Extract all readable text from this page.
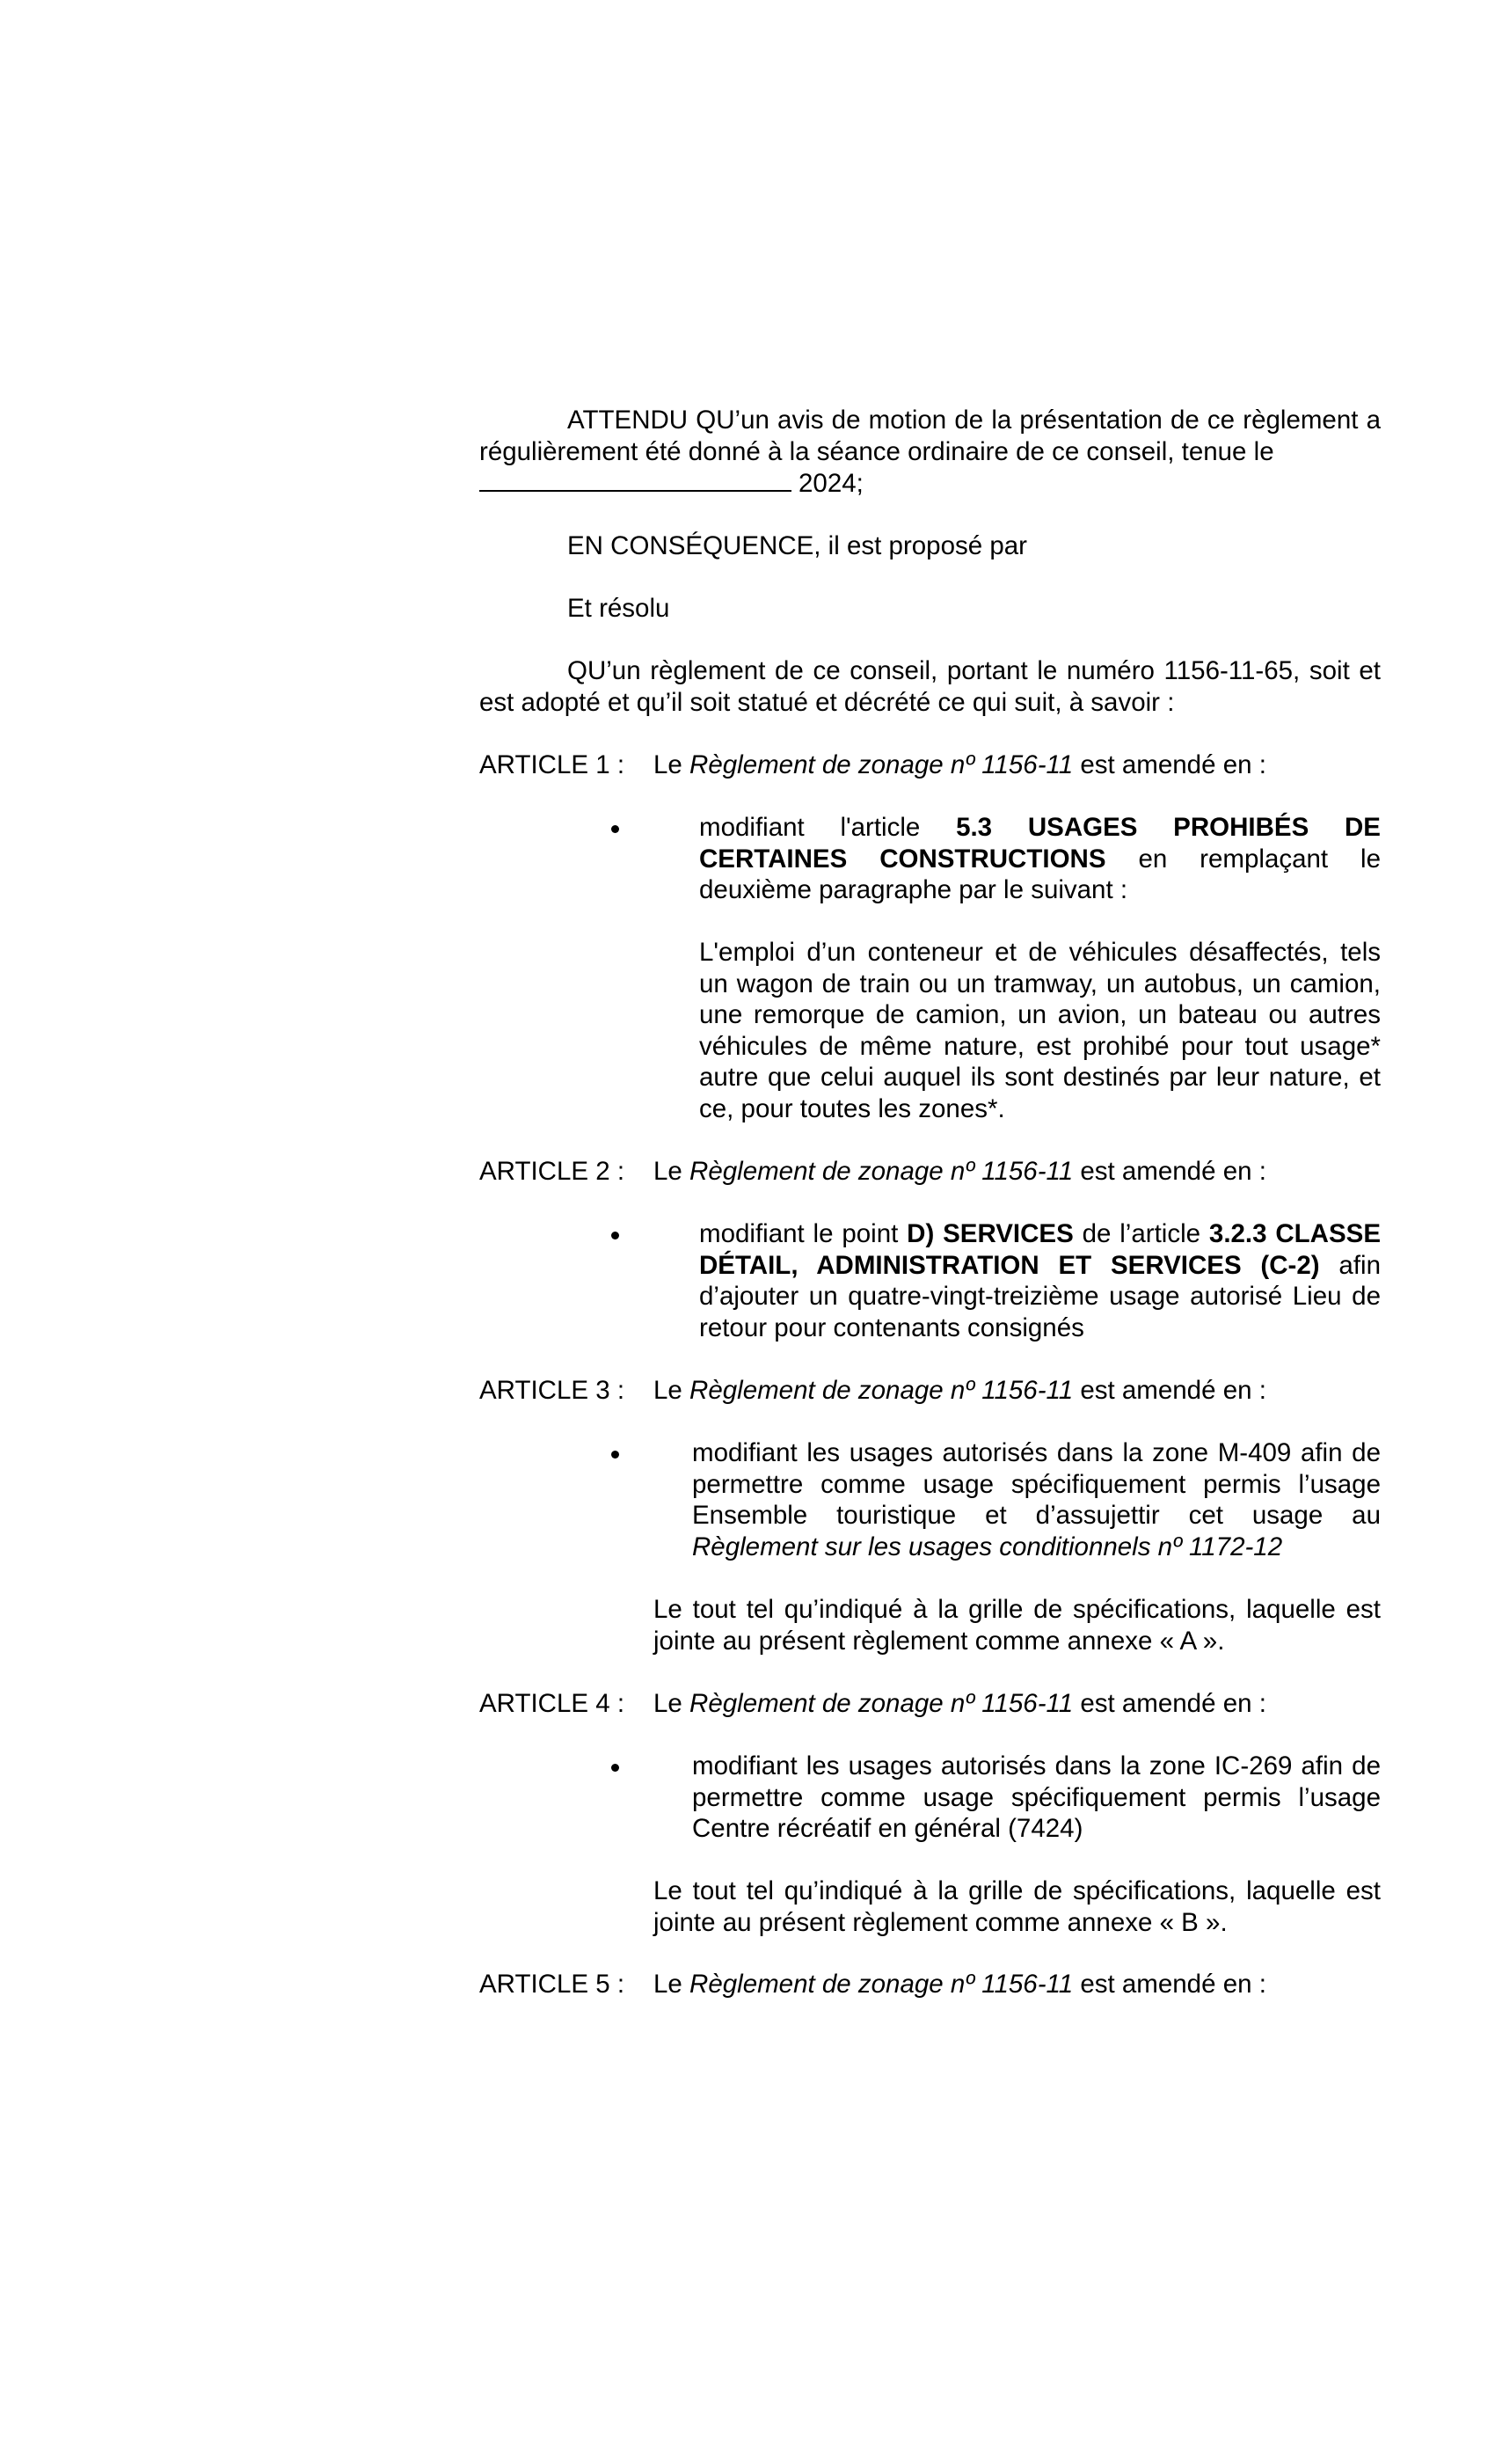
ATTENDU QU’un avis de motion de la présentation de ce règlement a régulièrement été donné à la séance ordinaire de ce conseil, tenue le
2024;

EN CONSÉQUENCE, il est proposé par

Et résolu

QU’un règlement de ce conseil, portant le numéro 1156-11-65, soit et est adopté et qu’il soit statué et décrété ce qui suit, à savoir :

ARTICLE 1 : Le Règlement de zonage nº 1156-11 est amendé en :

modifiant l'article 5.3 USAGES PROHIBÉS DE CERTAINES CONSTRUCTIONS en remplaçant le deuxième paragraphe par le suivant :

L'emploi d’un conteneur et de véhicules désaffectés, tels un wagon de train ou un tramway, un autobus, un camion, une remorque de camion, un avion, un bateau ou autres véhicules de même nature, est prohibé pour tout usage* autre que celui auquel ils sont destinés par leur nature, et ce, pour toutes les zones*.

ARTICLE 2 : Le Règlement de zonage nº 1156-11 est amendé en :

modifiant le point D) SERVICES de l’article 3.2.3 CLASSE DÉTAIL, ADMINISTRATION ET SERVICES (C-2) afin d’ajouter un quatre-vingt-treizième usage autorisé Lieu de retour pour contenants consignés

ARTICLE 3 : Le Règlement de zonage nº 1156-11 est amendé en :

modifiant les usages autorisés dans la zone M-409 afin de permettre comme usage spécifiquement permis l’usage Ensemble touristique et d’assujettir cet usage au Règlement sur les usages conditionnels nº 1172-12

Le tout tel qu’indiqué à la grille de spécifications, laquelle est jointe au présent règlement comme annexe « A ».

ARTICLE 4 : Le Règlement de zonage nº 1156-11 est amendé en :

modifiant les usages autorisés dans la zone IC-269 afin de permettre comme usage spécifiquement permis l’usage Centre récréatif en général (7424)

Le tout tel qu’indiqué à la grille de spécifications, laquelle est jointe au présent règlement comme annexe « B ».

ARTICLE 5 : Le Règlement de zonage nº 1156-11 est amendé en :
